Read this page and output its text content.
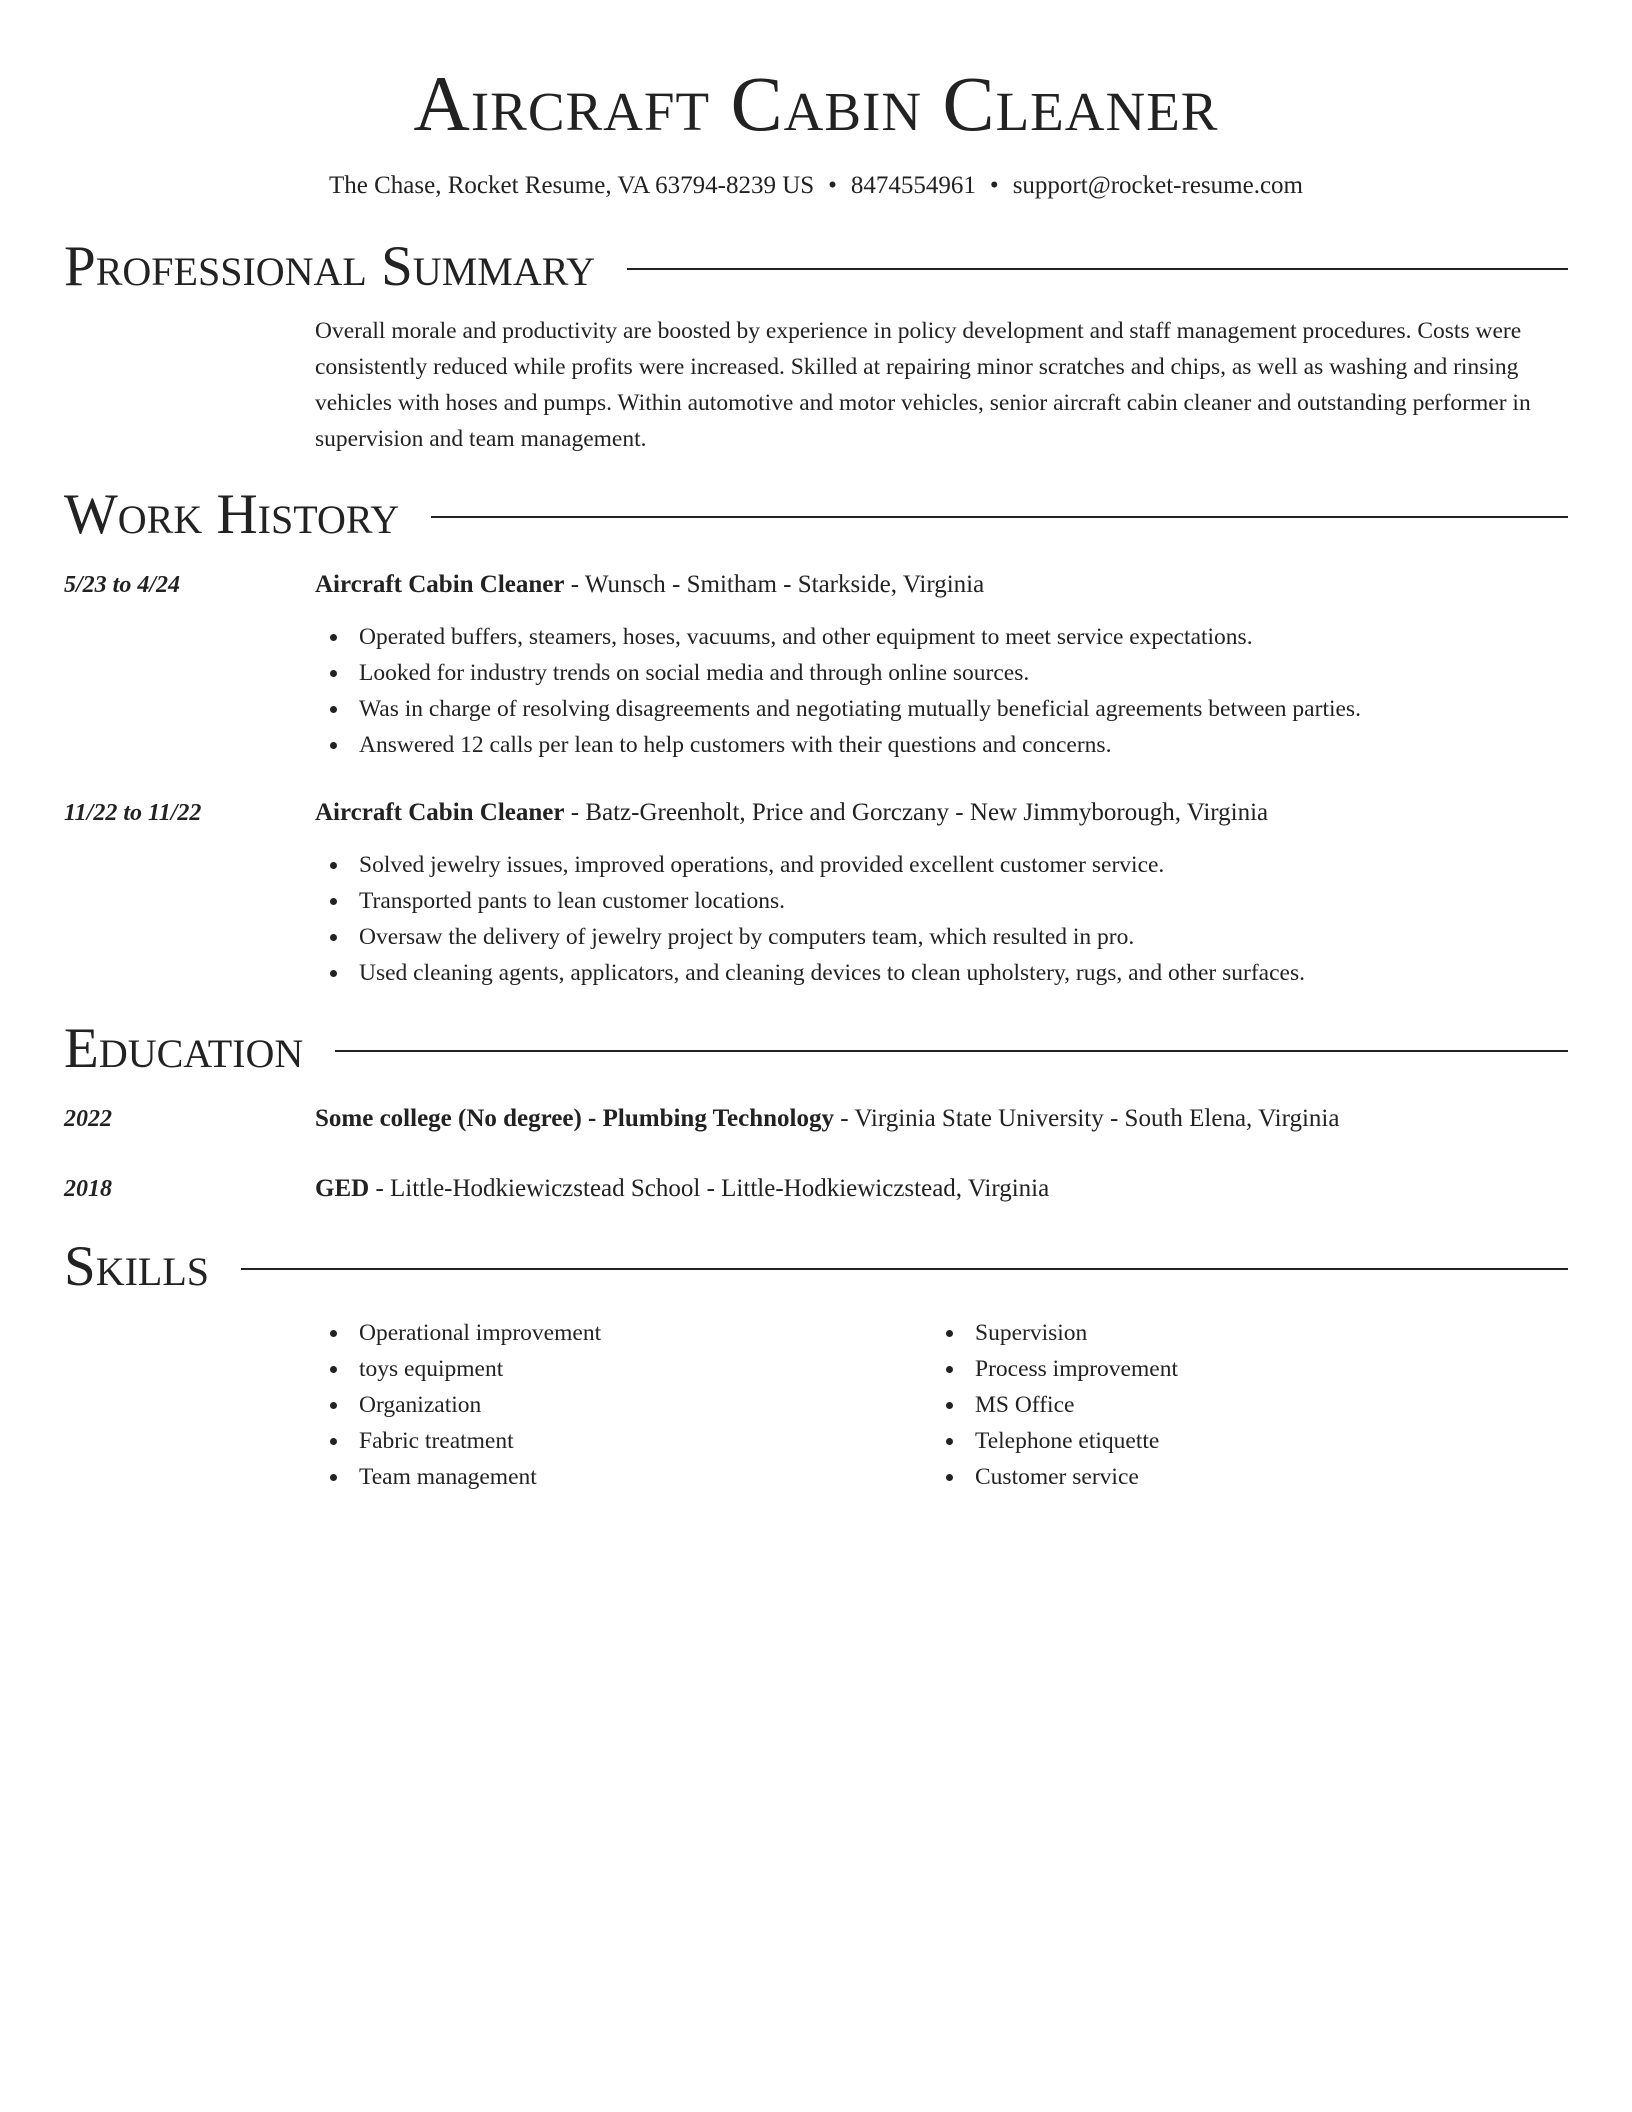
Aircraft Cabin Cleaner
The Chase, Rocket Resume, VA 63794-8239 US • 8474554961 • support@rocket-resume.com
Professional Summary
Overall morale and productivity are boosted by experience in policy development and staff management procedures. Costs were consistently reduced while profits were increased. Skilled at repairing minor scratches and chips, as well as washing and rinsing vehicles with hoses and pumps. Within automotive and motor vehicles, senior aircraft cabin cleaner and outstanding performer in supervision and team management.
Work History
5/23 to 4/24	Aircraft Cabin Cleaner - Wunsch - Smitham - Starkside, Virginia
Operated buffers, steamers, hoses, vacuums, and other equipment to meet service expectations.
Looked for industry trends on social media and through online sources.
Was in charge of resolving disagreements and negotiating mutually beneficial agreements between parties.
Answered 12 calls per lean to help customers with their questions and concerns.
11/22 to 11/22	Aircraft Cabin Cleaner - Batz-Greenholt, Price and Gorczany - New Jimmyborough, Virginia
Solved jewelry issues, improved operations, and provided excellent customer service.
Transported pants to lean customer locations.
Oversaw the delivery of jewelry project by computers team, which resulted in pro.
Used cleaning agents, applicators, and cleaning devices to clean upholstery, rugs, and other surfaces.
Education
2022	Some college (No degree) - Plumbing Technology - Virginia State University - South Elena, Virginia
2018	GED - Little-Hodkiewiczstead School - Little-Hodkiewiczstead, Virginia
Skills
Operational improvement
toys equipment
Organization
Fabric treatment
Team management
Supervision
Process improvement
MS Office
Telephone etiquette
Customer service
